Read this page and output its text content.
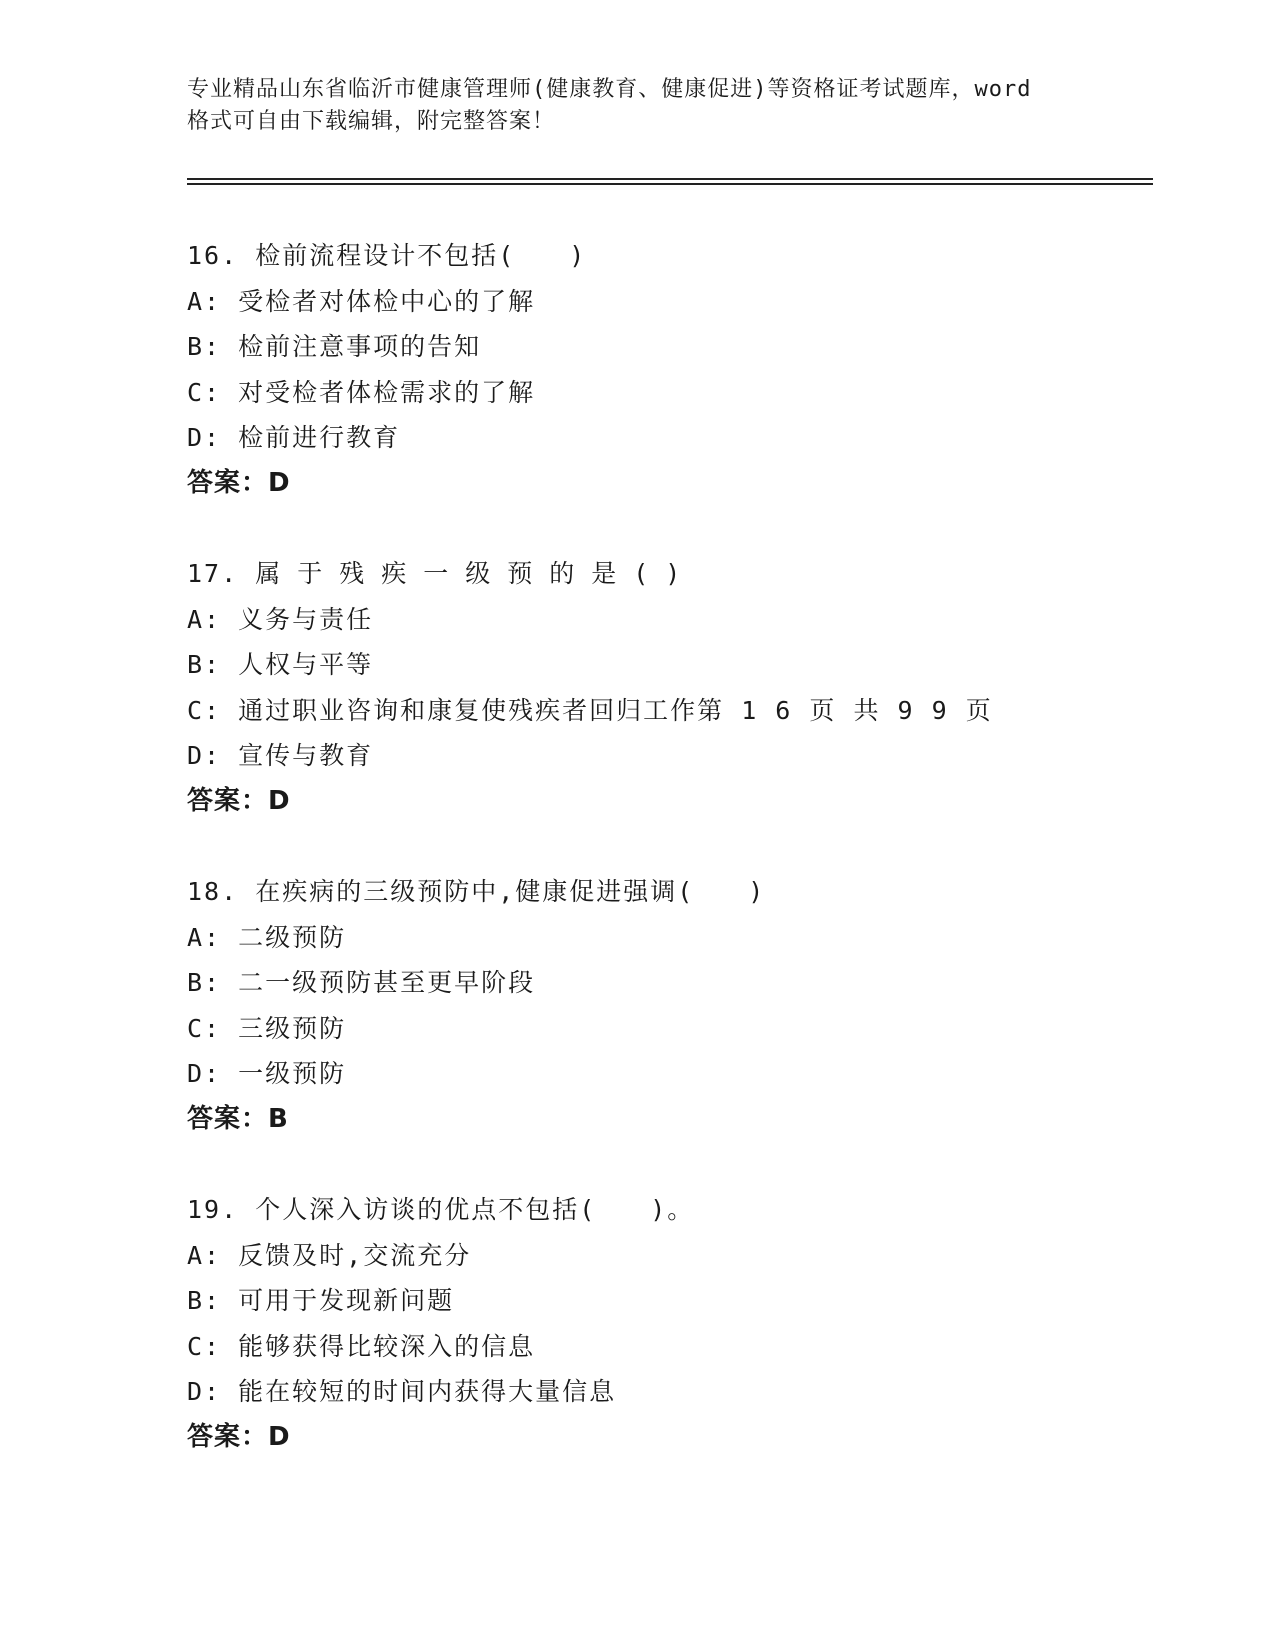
专业精品山东省临沂市健康管理师(健康教育、健康促进)等资格证考试题库，word
格式可自由下载编辑，附完整答案！
16. 检前流程设计不包括(　　)
A: 受检者对体检中心的了解
B: 检前注意事项的告知
C: 对受检者体检需求的了解
D: 检前进行教育
答案：D
17. 属于残疾一级预的是()
A: 义务与责任
B: 人权与平等
C: 通过职业咨询和康复使残疾者回归工作第 1 6 页 共 9 9 页
D: 宣传与教育
答案：D
18. 在疾病的三级预防中,健康促进强调(　　)
A: 二级预防
B: 二一级预防甚至更早阶段
C: 三级预防
D: 一级预防
答案：B
19. 个人深入访谈的优点不包括(　　)。
A: 反馈及时,交流充分
B: 可用于发现新问题
C: 能够获得比较深入的信息
D: 能在较短的时间内获得大量信息
答案：D
